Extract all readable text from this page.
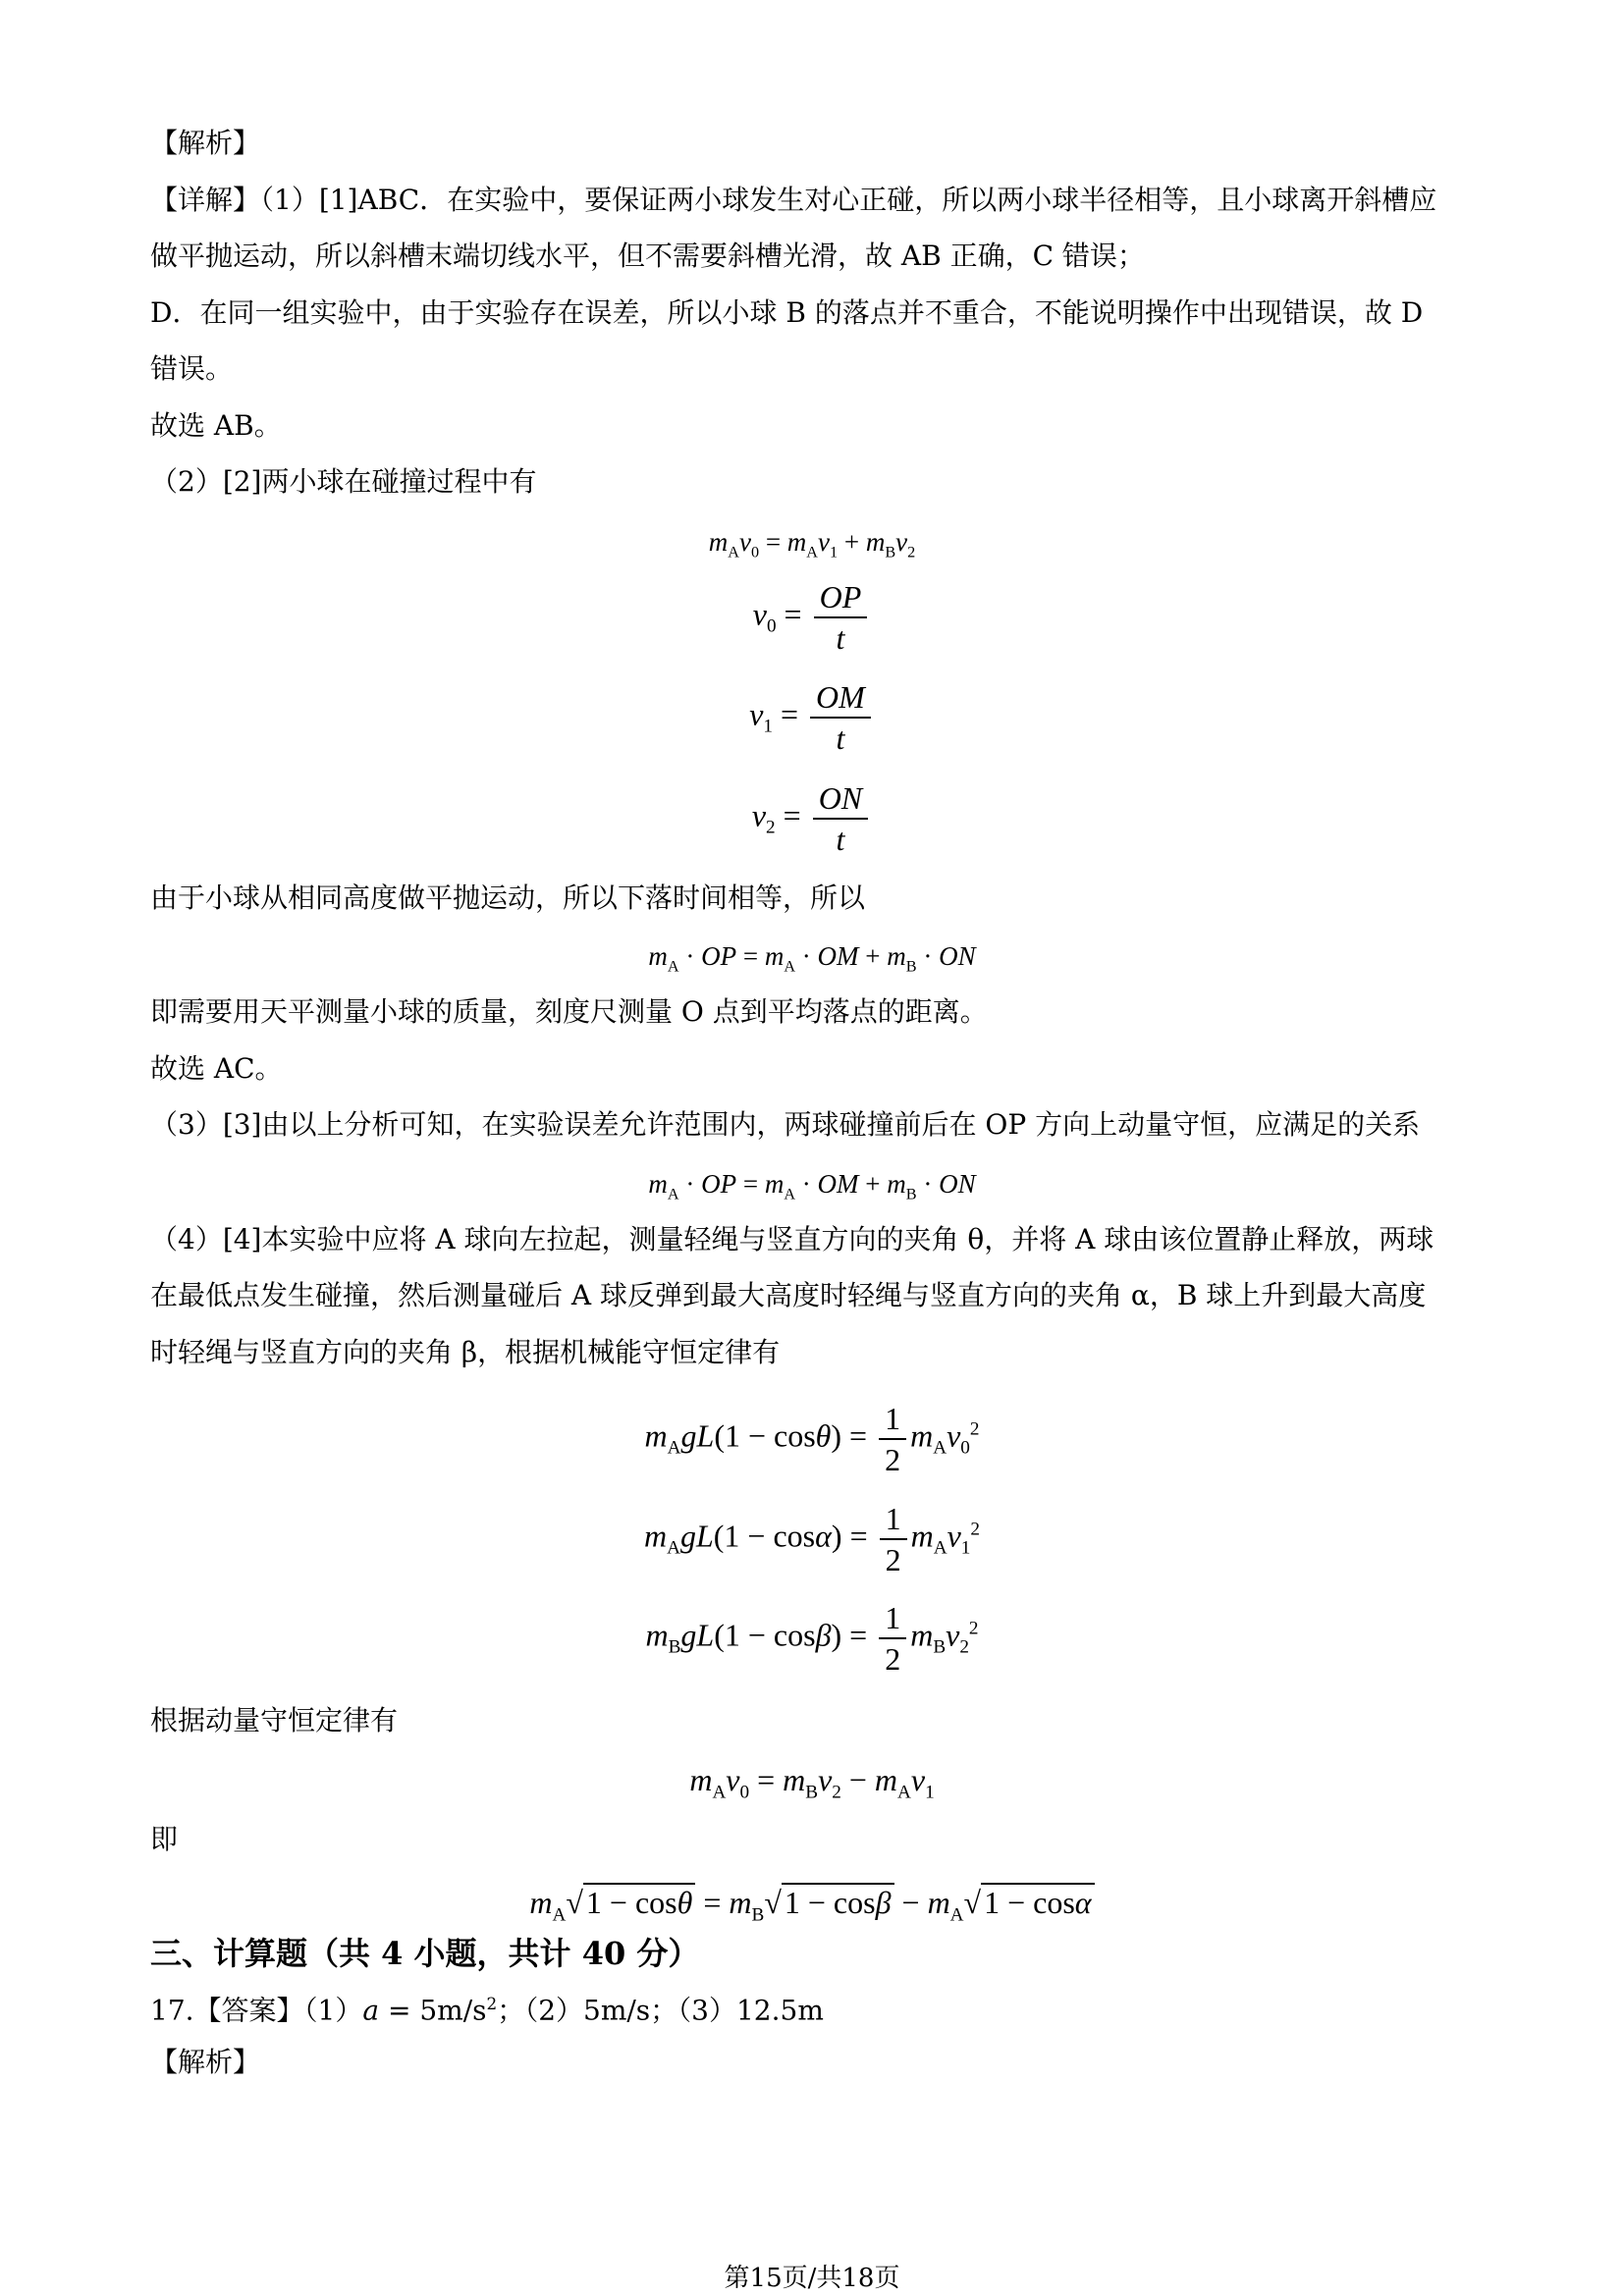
【解析】
【详解】（1）[1]ABC．在实验中，要保证两小球发生对心正碰，所以两小球半径相等，且小球离开斜槽应
做平抛运动，所以斜槽末端切线水平，但不需要斜槽光滑，故 AB 正确，C 错误；
D．在同一组实验中，由于实验存在误差，所以小球 B 的落点并不重合，不能说明操作中出现错误，故 D
错误。
故选 AB。
（2）[2]两小球在碰撞过程中有
$m_Av_0 = m_Av_1 + m_Bv_2$
$v_0 = \frac{OP}{t}$
$v_1 = \frac{OM}{t}$
$v_2 = \frac{ON}{t}$
由于小球从相同高度做平抛运动，所以下落时间相等，所以
$m_A$ · OP = $m_A$ · OM + $m_B$ · ON
即需要用天平测量小球的质量，刻度尺测量 O 点到平均落点的距离。
故选 AC。
（3）[3]由以上分析可知，在实验误差允许范围内，两球碰撞前后在 OP 方向上动量守恒，应满足的关系
$m_A$ · OP = $m_A$ · OM + $m_B$ · ON
（4）[4]本实验中应将 A 球向左拉起，测量轻绳与竖直方向的夹角 θ，并将 A 球由该位置静止释放，两球
在最低点发生碰撞，然后测量碰后 A 球反弹到最大高度时轻绳与竖直方向的夹角 α，B 球上升到最大高度
时轻绳与竖直方向的夹角 β，根据机械能守恒定律有
$m_AgL(1 - \cos\theta) = \frac{1}{2} m_Av_0^2$
$m_AgL(1 - \cos\alpha) = \frac{1}{2} m_Av_1^2$
$m_BgL(1 - \cos\beta) = \frac{1}{2} m_Bv_2^2$
根据动量守恒定律有
$m_Av_0 = m_Bv_2 - m_Av_1$
即
$m_A√1 - \cos\theta = m_B√1 - \cos\beta - m_A√1 - \cos\alpha$
三、计算题（共 4 小题，共计 40 分）
17.【答案】$(1)a = 5m/s^2$；（2）5m/s；（3）12.5m
【解析】
第15页/共18页
